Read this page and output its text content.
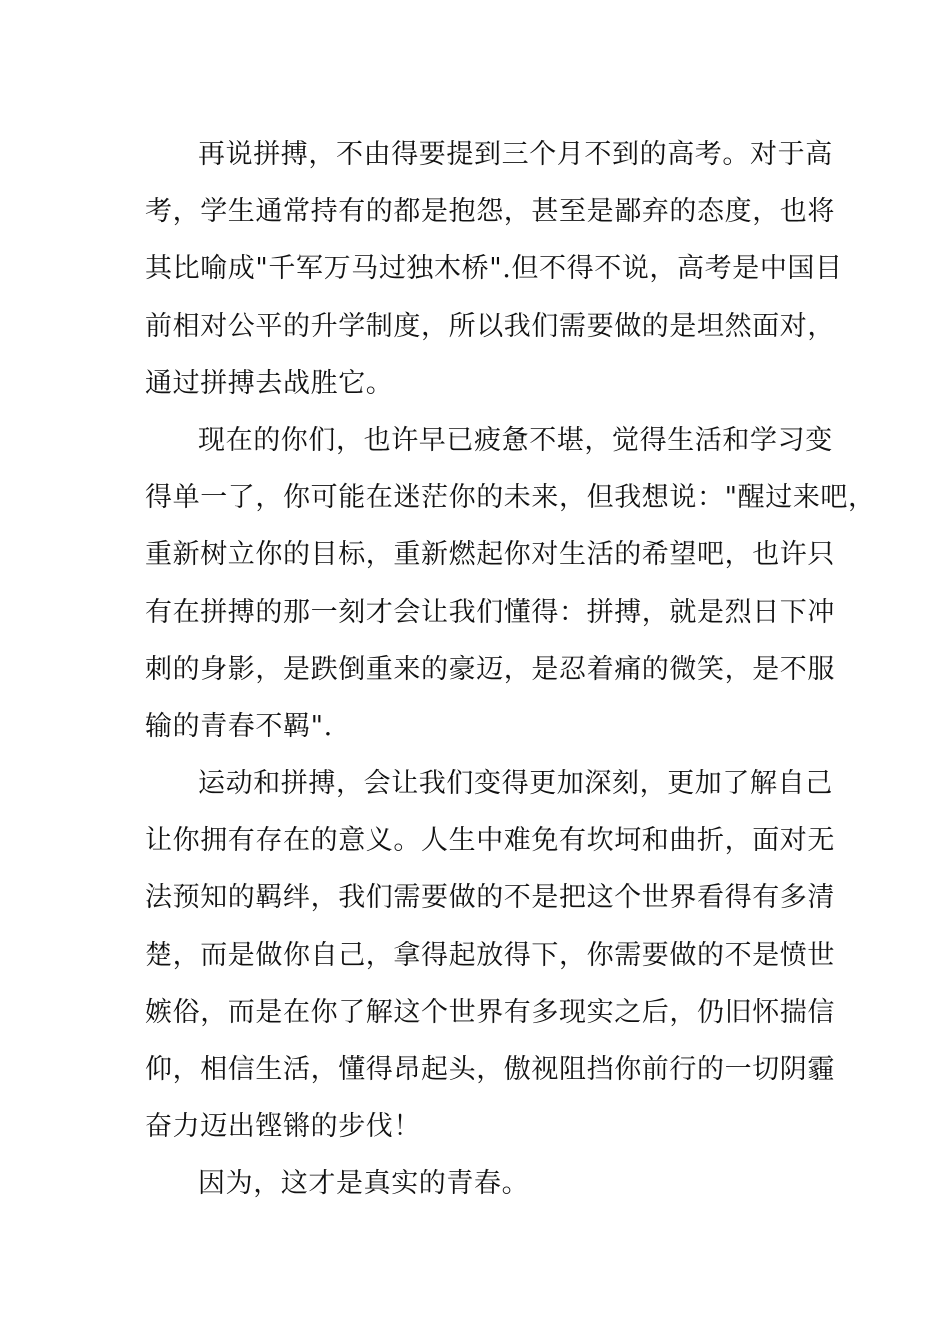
再说拼搏，不由得要提到三个月不到的高考。对于高
考，学生通常持有的都是抱怨，甚至是鄙弃的态度，也将
其比喻成"千军万马过独木桥".但不得不说，高考是中国目
前相对公平的升学制度，所以我们需要做的是坦然面对，
通过拼搏去战胜它。
现在的你们，也许早已疲惫不堪，觉得生活和学习变
得单一了，你可能在迷茫你的未来，但我想说："醒过来吧，
重新树立你的目标，重新燃起你对生活的希望吧，也许只
有在拼搏的那一刻才会让我们懂得：拼搏，就是烈日下冲
刺的身影，是跌倒重来的豪迈，是忍着痛的微笑，是不服
输的青春不羁".
运动和拼搏，会让我们变得更加深刻，更加了解自己
让你拥有存在的意义。人生中难免有坎坷和曲折，面对无
法预知的羁绊，我们需要做的不是把这个世界看得有多清
楚，而是做你自己，拿得起放得下，你需要做的不是愤世
嫉俗，而是在你了解这个世界有多现实之后，仍旧怀揣信
仰，相信生活，懂得昂起头，傲视阻挡你前行的一切阴霾
奋力迈出铿锵的步伐！
因为，这才是真实的青春。
